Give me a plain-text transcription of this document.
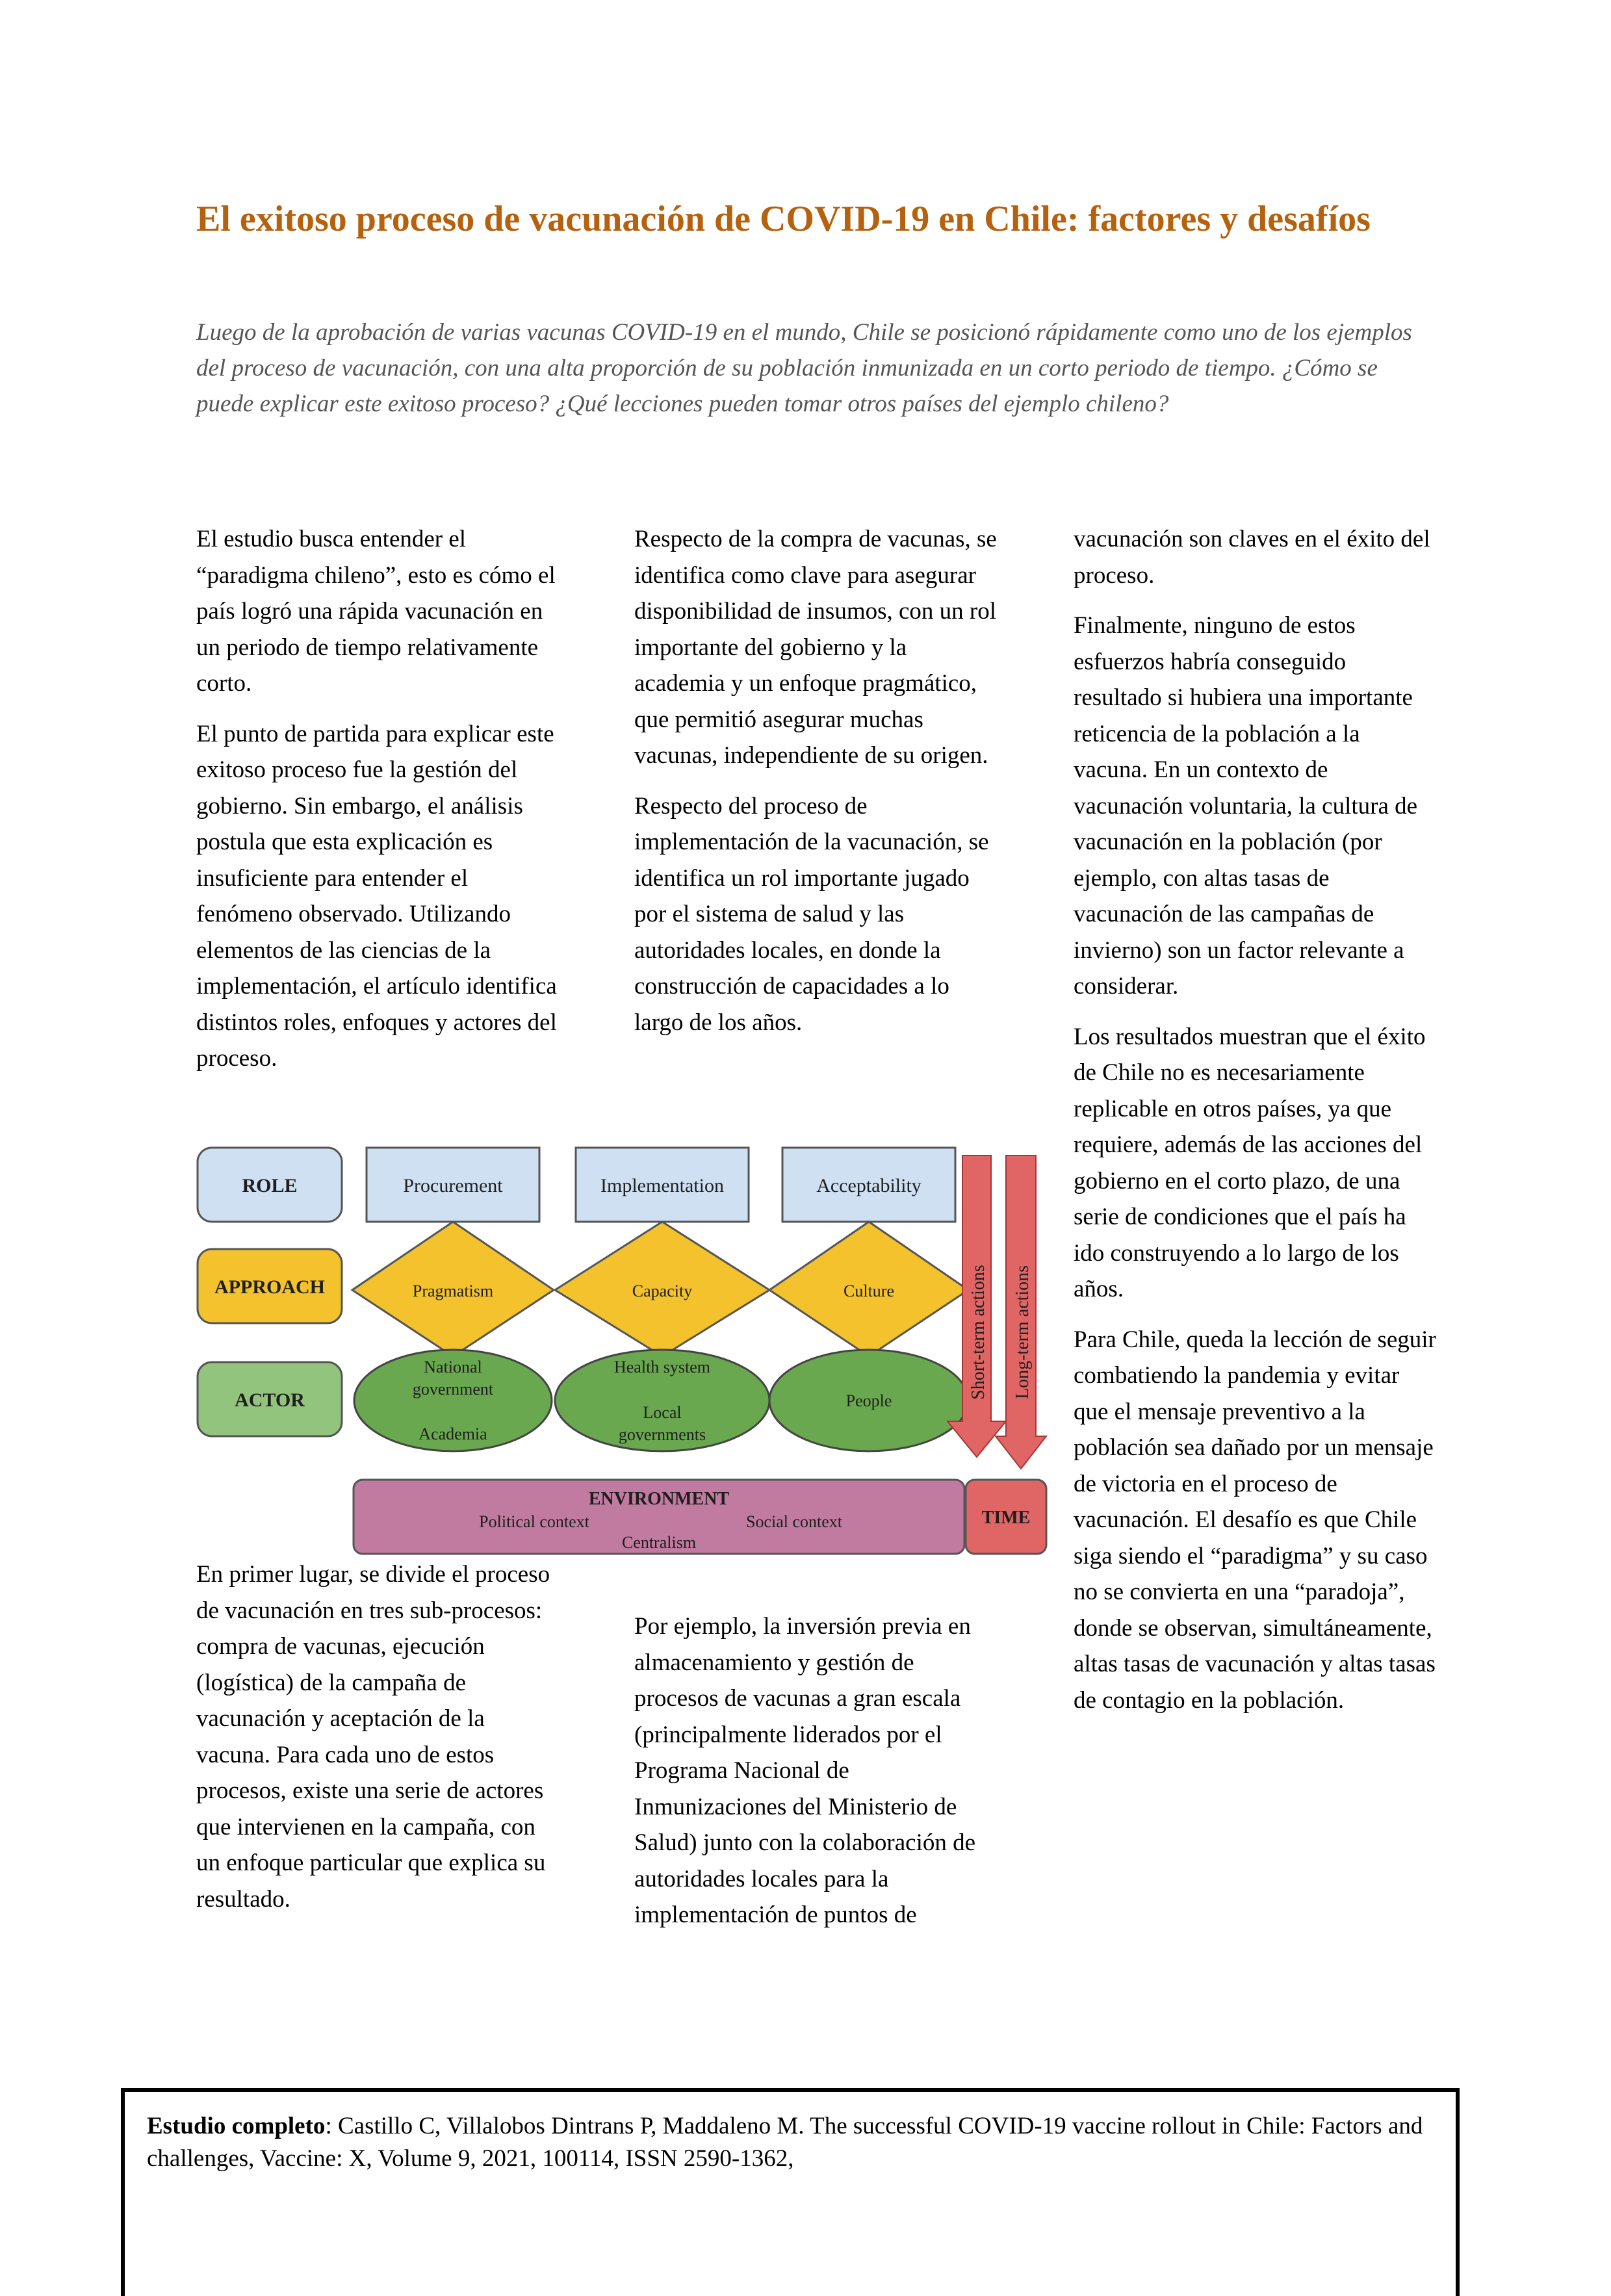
El exitoso proceso de vacunación de COVID-19 en Chile: factores y desafíos

Luego de la aprobación de varias vacunas COVID-19 en el mundo, Chile se posicionó rápidamente como uno de los ejemplos del proceso de vacunación, con una alta proporción de su población inmunizada en un corto periodo de tiempo. ¿Cómo se puede explicar este exitoso proceso? ¿Qué lecciones pueden tomar otros países del ejemplo chileno?

El estudio busca entender el “paradigma chileno”, esto es cómo el país logró una rápida vacunación en un periodo de tiempo relativamente corto.

El punto de partida para explicar este exitoso proceso fue la gestión del gobierno. Sin embargo, el análisis postula que esta explicación es insuficiente para entender el fenómeno observado. Utilizando elementos de las ciencias de la implementación, el artículo identifica distintos roles, enfoques y actores del proceso.

Respecto de la compra de vacunas, se identifica como clave para asegurar disponibilidad de insumos, con un rol importante del gobierno y la academia y un enfoque pragmático, que permitió asegurar muchas vacunas, independiente de su origen.

Respecto del proceso de implementación de la vacunación, se identifica un rol importante jugado por el sistema de salud y las autoridades locales, en donde la construcción de capacidades a lo largo de los años.

vacunación son claves en el éxito del proceso.

Finalmente, ninguno de estos esfuerzos habría conseguido resultado si hubiera una importante reticencia de la población a la vacuna. En un contexto de vacunación voluntaria, la cultura de vacunación en la población (por ejemplo, con altas tasas de vacunación de las campañas de invierno) son un factor relevante a considerar.

Los resultados muestran que el éxito de Chile no es necesariamente replicable en otros países, ya que requiere, además de las acciones del gobierno en el corto plazo, de una serie de condiciones que el país ha ido construyendo a lo largo de los años.

Para Chile, queda la lección de seguir combatiendo la pandemia y evitar que el mensaje preventivo a la población sea dañado por un mensaje de victoria en el proceso de vacunación. El desafío es que Chile siga siendo el “paradigma” y su caso no se convierta en una “paradoja”, donde se observan, simultáneamente, altas tasas de vacunación y altas tasas de contagio en la población.

ROLE
APPROACH
ACTOR
Procurement	Implementation	Acceptability
Pragmatism	Capacity	Culture
National
government
Academia
Health system
Local
governments
People
Short-term actions Long-term actions
ENVIRONMENT
Political context	Social context
Centralism
TIME

En primer lugar, se divide el proceso de vacunación en tres sub-procesos: compra de vacunas, ejecución (logística) de la campaña de vacunación y aceptación de la vacuna. Para cada uno de estos procesos, existe una serie de actores que intervienen en la campaña, con un enfoque particular que explica su resultado.

Por ejemplo, la inversión previa en almacenamiento y gestión de procesos de vacunas a gran escala (principalmente liderados por el Programa Nacional de Inmunizaciones del Ministerio de Salud) junto con la colaboración de autoridades locales para la implementación de puntos de

Estudio completo: Castillo C, Villalobos Dintrans P, Maddaleno M. The successful COVID-19 vaccine rollout in Chile: Factors and challenges, Vaccine: X, Volume 9, 2021, 100114, ISSN 2590-1362,
